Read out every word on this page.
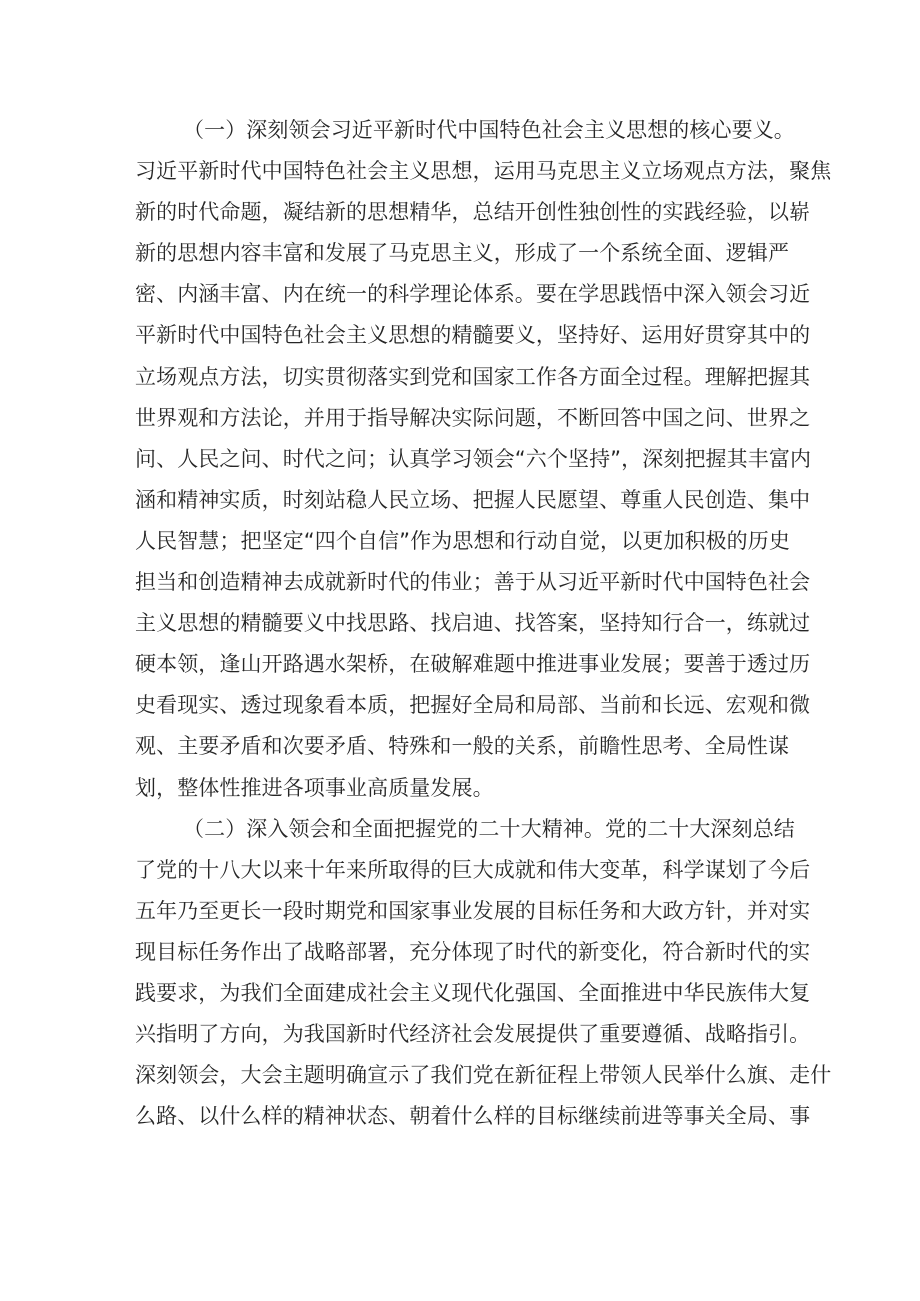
（一）深刻领会习近平新时代中国特色社会主义思想的核心要义。
习近平新时代中国特色社会主义思想，运用马克思主义立场观点方法，聚焦
新的时代命题，凝结新的思想精华，总结开创性独创性的实践经验，以崭
新的思想内容丰富和发展了马克思主义，形成了一个系统全面、逻辑严
密、内涵丰富、内在统一的科学理论体系。要在学思践悟中深入领会习近
平新时代中国特色社会主义思想的精髓要义，坚持好、运用好贯穿其中的
立场观点方法，切实贯彻落实到党和国家工作各方面全过程。理解把握其
世界观和方法论，并用于指导解决实际问题，不断回答中国之问、世界之
问、人民之问、时代之问；认真学习领会“六个坚持”，深刻把握其丰富内
涵和精神实质，时刻站稳人民立场、把握人民愿望、尊重人民创造、集中
人民智慧；把坚定“四个自信”作为思想和行动自觉，以更加积极的历史
担当和创造精神去成就新时代的伟业；善于从习近平新时代中国特色社会
主义思想的精髓要义中找思路、找启迪、找答案，坚持知行合一，练就过
硬本领，逢山开路遇水架桥，在破解难题中推进事业发展；要善于透过历
史看现实、透过现象看本质，把握好全局和局部、当前和长远、宏观和微
观、主要矛盾和次要矛盾、特殊和一般的关系，前瞻性思考、全局性谋
划，整体性推进各项事业高质量发展。
（二）深入领会和全面把握党的二十大精神。党的二十大深刻总结
了党的十八大以来十年来所取得的巨大成就和伟大变革，科学谋划了今后
五年乃至更长一段时期党和国家事业发展的目标任务和大政方针，并对实
现目标任务作出了战略部署，充分体现了时代的新变化，符合新时代的实
践要求，为我们全面建成社会主义现代化强国、全面推进中华民族伟大复
兴指明了方向，为我国新时代经济社会发展提供了重要遵循、战略指引。
深刻领会，大会主题明确宣示了我们党在新征程上带领人民举什么旗、走什
么路、以什么样的精神状态、朝着什么样的目标继续前进等事关全局、事
